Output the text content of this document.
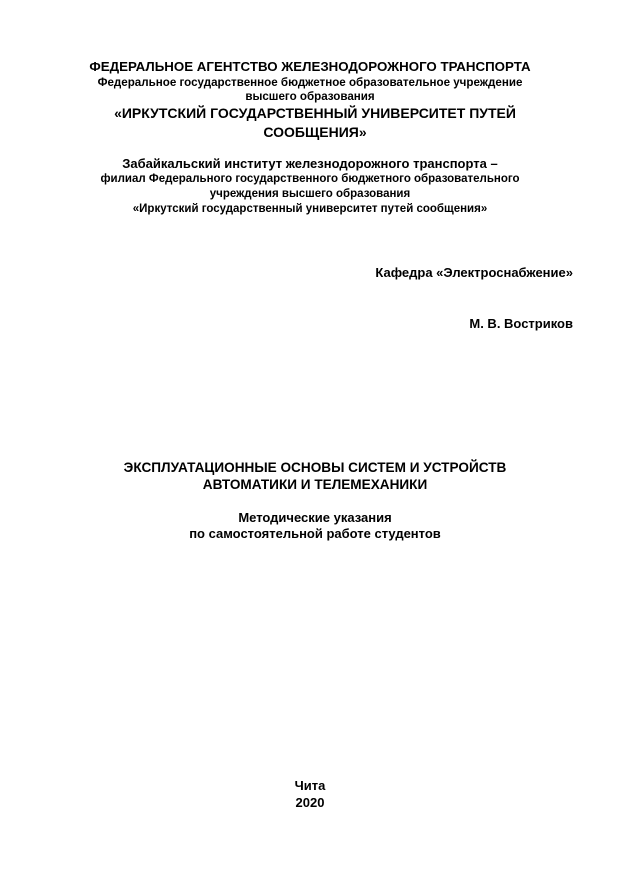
ФЕДЕРАЛЬНОЕ АГЕНТСТВО ЖЕЛЕЗНОДОРОЖНОГО ТРАНСПОРТА
Федеральное государственное бюджетное образовательное учреждение
высшего образования
«ИРКУТСКИЙ ГОСУДАРСТВЕННЫЙ УНИВЕРСИТЕТ ПУТЕЙ
СООБЩЕНИЯ»
Забайкальский институт железнодорожного транспорта –
филиал Федерального государственного бюджетного образовательного
учреждения высшего образования
«Иркутский государственный университет путей сообщения»
Кафедра «Электроснабжение»
М. В. Востриков
ЭКСПЛУАТАЦИОННЫЕ ОСНОВЫ СИСТЕМ И УСТРОЙСТВ
АВТОМАТИКИ И ТЕЛЕМЕХАНИКИ
Методические указания
по самостоятельной работе студентов
Чита
2020
